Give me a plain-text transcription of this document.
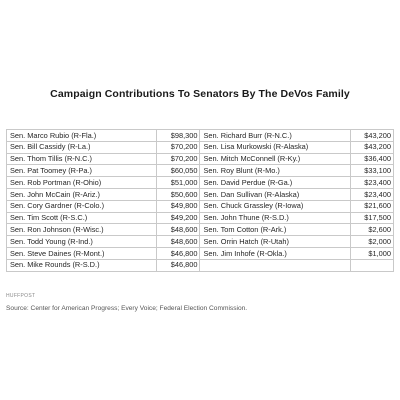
Campaign Contributions To Senators By The DeVos Family
Sen. Marco Rubio (R-Fla.)	$98,300	Sen. Richard Burr (R-N.C.)	$43,200
Sen. Bill Cassidy (R-La.)	$70,200	Sen. Lisa Murkowski (R-Alaska)	$43,200
Sen. Thom Tillis (R-N.C.)	$70,200	Sen. Mitch McConnell (R-Ky.)	$36,400
Sen. Pat Toomey (R-Pa.)	$60,050	Sen. Roy Blunt (R-Mo.)	$33,100
Sen. Rob Portman (R-Ohio)	$51,000	Sen. David Perdue (R-Ga.)	$23,400
Sen. John McCain (R-Ariz.)	$50,600	Sen. Dan Sullivan (R-Alaska)	$23,400
Sen. Cory Gardner (R-Colo.)	$49,800	Sen. Chuck Grassley (R-Iowa)	$21,600
Sen. Tim Scott (R-S.C.)	$49,200	Sen. John Thune (R-S.D.)	$17,500
Sen. Ron Johnson (R-Wisc.)	$48,600	Sen. Tom Cotton (R-Ark.)	$2,600
Sen. Todd Young (R-Ind.)	$48,600	Sen. Orrin Hatch (R-Utah)	$2,000
Sen. Steve Daines (R-Mont.)	$46,800	Sen. Jim Inhofe (R-Okla.)	$1,000
Sen. Mike Rounds (R-S.D.)	$46,800		
HUFFPOST
Source: Center for American Progress; Every Voice; Federal Election Commission.
